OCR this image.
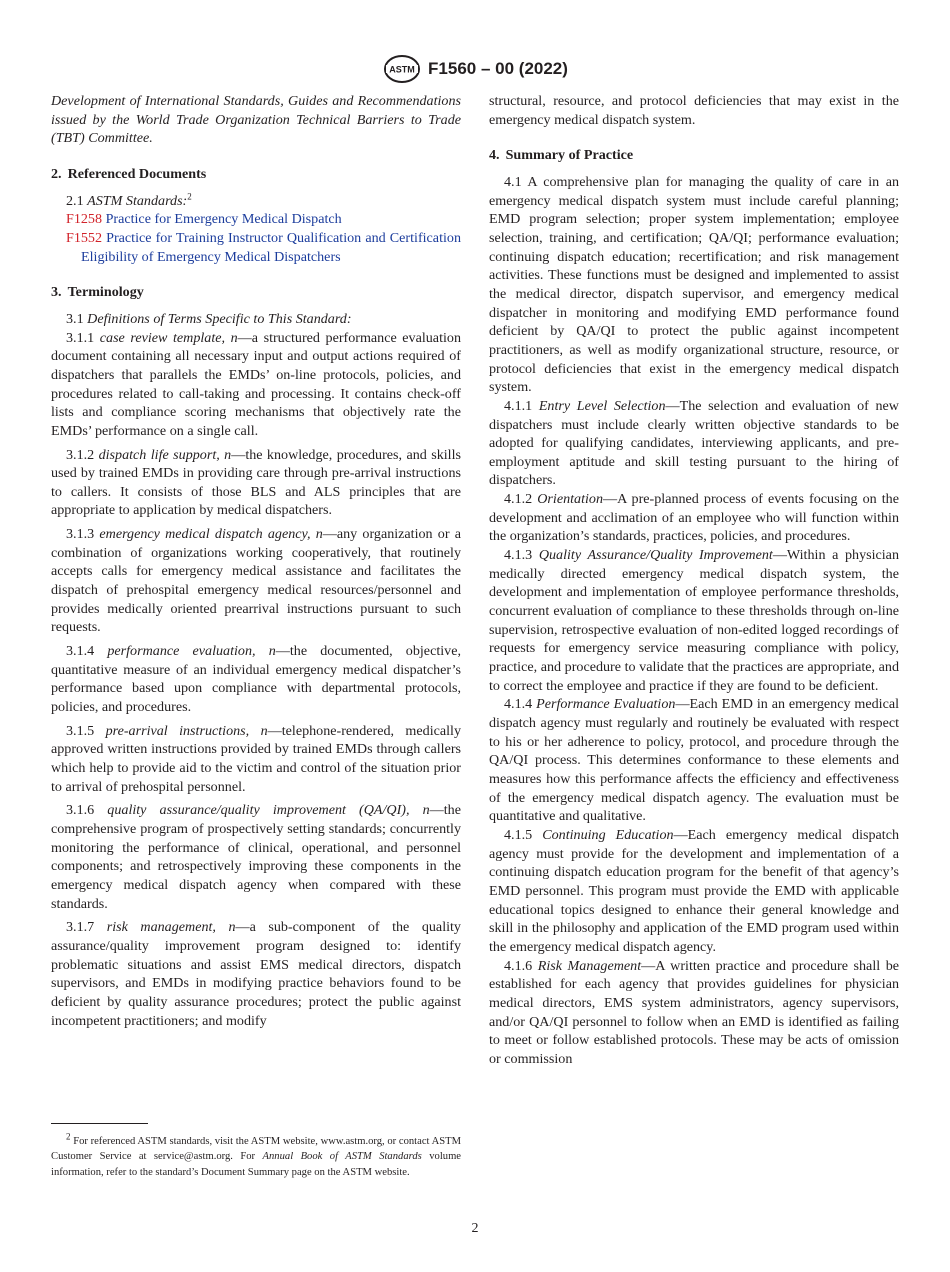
ASTM F1560 – 00 (2022)

Development of International Standards, Guides and Recommendations issued by the World Trade Organization Technical Barriers to Trade (TBT) Committee.

2. Referenced Documents

2.1 ASTM Standards:$^2$

F1258 Practice for Emergency Medical Dispatch

F1552 Practice for Training Instructor Qualification and Certification Eligibility of Emergency Medical Dispatchers

3. Terminology

3.1 Definitions of Terms Specific to This Standard:

3.1.1 case review template, n—a structured performance evaluation document containing all necessary input and output actions required of dispatchers that parallels the EMDs’ on-line protocols, policies, and procedures related to call-taking and processing. It contains check-off lists and compliance scoring mechanisms that objectively rate the EMDs’ performance on a single call.

3.1.2 dispatch life support, n—the knowledge, procedures, and skills used by trained EMDs in providing care through pre-arrival instructions to callers. It consists of those BLS and ALS principles that are appropriate to application by medical dispatchers.

3.1.3 emergency medical dispatch agency, n—any organization or a combination of organizations working cooperatively, that routinely accepts calls for emergency medical assistance and facilitates the dispatch of prehospital emergency medical resources/personnel and provides medically oriented prearrival instructions pursuant to such requests.

3.1.4 performance evaluation, n—the documented, objective, quantitative measure of an individual emergency medical dispatcher’s performance based upon compliance with departmental protocols, policies, and procedures.

3.1.5 pre-arrival instructions, n—telephone-rendered, medically approved written instructions provided by trained EMDs through callers which help to provide aid to the victim and control of the situation prior to arrival of prehospital personnel.

3.1.6 quality assurance/quality improvement (QA/QI), n—the comprehensive program of prospectively setting standards; concurrently monitoring the performance of clinical, operational, and personnel components; and retrospectively improving these components in the emergency medical dispatch agency when compared with these standards.

3.1.7 risk management, n—a sub-component of the quality assurance/quality improvement program designed to: identify problematic situations and assist EMS medical directors, dispatch supervisors, and EMDs in modifying practice behaviors found to be deficient by quality assurance procedures; protect the public against incompetent practitioners; and modify

$^2$ For referenced ASTM standards, visit the ASTM website, www.astm.org, or contact ASTM Customer Service at service@astm.org. For Annual Book of ASTM Standards volume information, refer to the standard’s Document Summary page on the ASTM website.

structural, resource, and protocol deficiencies that may exist in the emergency medical dispatch system.

4. Summary of Practice

4.1 A comprehensive plan for managing the quality of care in an emergency medical dispatch system must include careful planning; EMD program selection; proper system implementation; employee selection, training, and certification; QA/QI; performance evaluation; continuing dispatch education; recertification; and risk management activities. These functions must be designed and implemented to assist the medical director, dispatch supervisor, and emergency medical dispatcher in monitoring and modifying EMD performance found deficient by QA/QI to protect the public against incompetent practitioners, as well as modify organizational structure, resource, or protocol deficiencies that exist in the emergency medical dispatch system.

4.1.1 Entry Level Selection—The selection and evaluation of new dispatchers must include clearly written objective standards to be adopted for qualifying candidates, interviewing applicants, and pre-employment aptitude and skill testing pursuant to the hiring of dispatchers.

4.1.2 Orientation—A pre-planned process of events focusing on the development and acclimation of an employee who will function within the organization’s standards, practices, policies, and procedures.

4.1.3 Quality Assurance/Quality Improvement—Within a physician medically directed emergency medical dispatch system, the development and implementation of employee performance thresholds, concurrent evaluation of compliance to these thresholds through on-line supervision, retrospective evaluation of non-edited logged recordings of requests for emergency service measuring compliance with policy, practice, and procedure to validate that the practices are appropriate, and to correct the employee and practice if they are found to be deficient.

4.1.4 Performance Evaluation—Each EMD in an emergency medical dispatch agency must regularly and routinely be evaluated with respect to his or her adherence to policy, protocol, and procedure through the QA/QI process. This determines conformance to these elements and measures how this performance affects the efficiency and effectiveness of the emergency medical dispatch agency. The evaluation must be quantitative and qualitative.

4.1.5 Continuing Education—Each emergency medical dispatch agency must provide for the development and implementation of a continuing dispatch education program for the benefit of that agency’s EMD personnel. This program must provide the EMD with applicable educational topics designed to enhance their general knowledge and skill in the philosophy and application of the EMD program used within the emergency medical dispatch agency.

4.1.6 Risk Management—A written practice and procedure shall be established for each agency that provides guidelines for physician medical directors, EMS system administrators, agency supervisors, and/or QA/QI personnel to follow when an EMD is identified as failing to meet or follow established protocols. These may be acts of omission or commission

2
